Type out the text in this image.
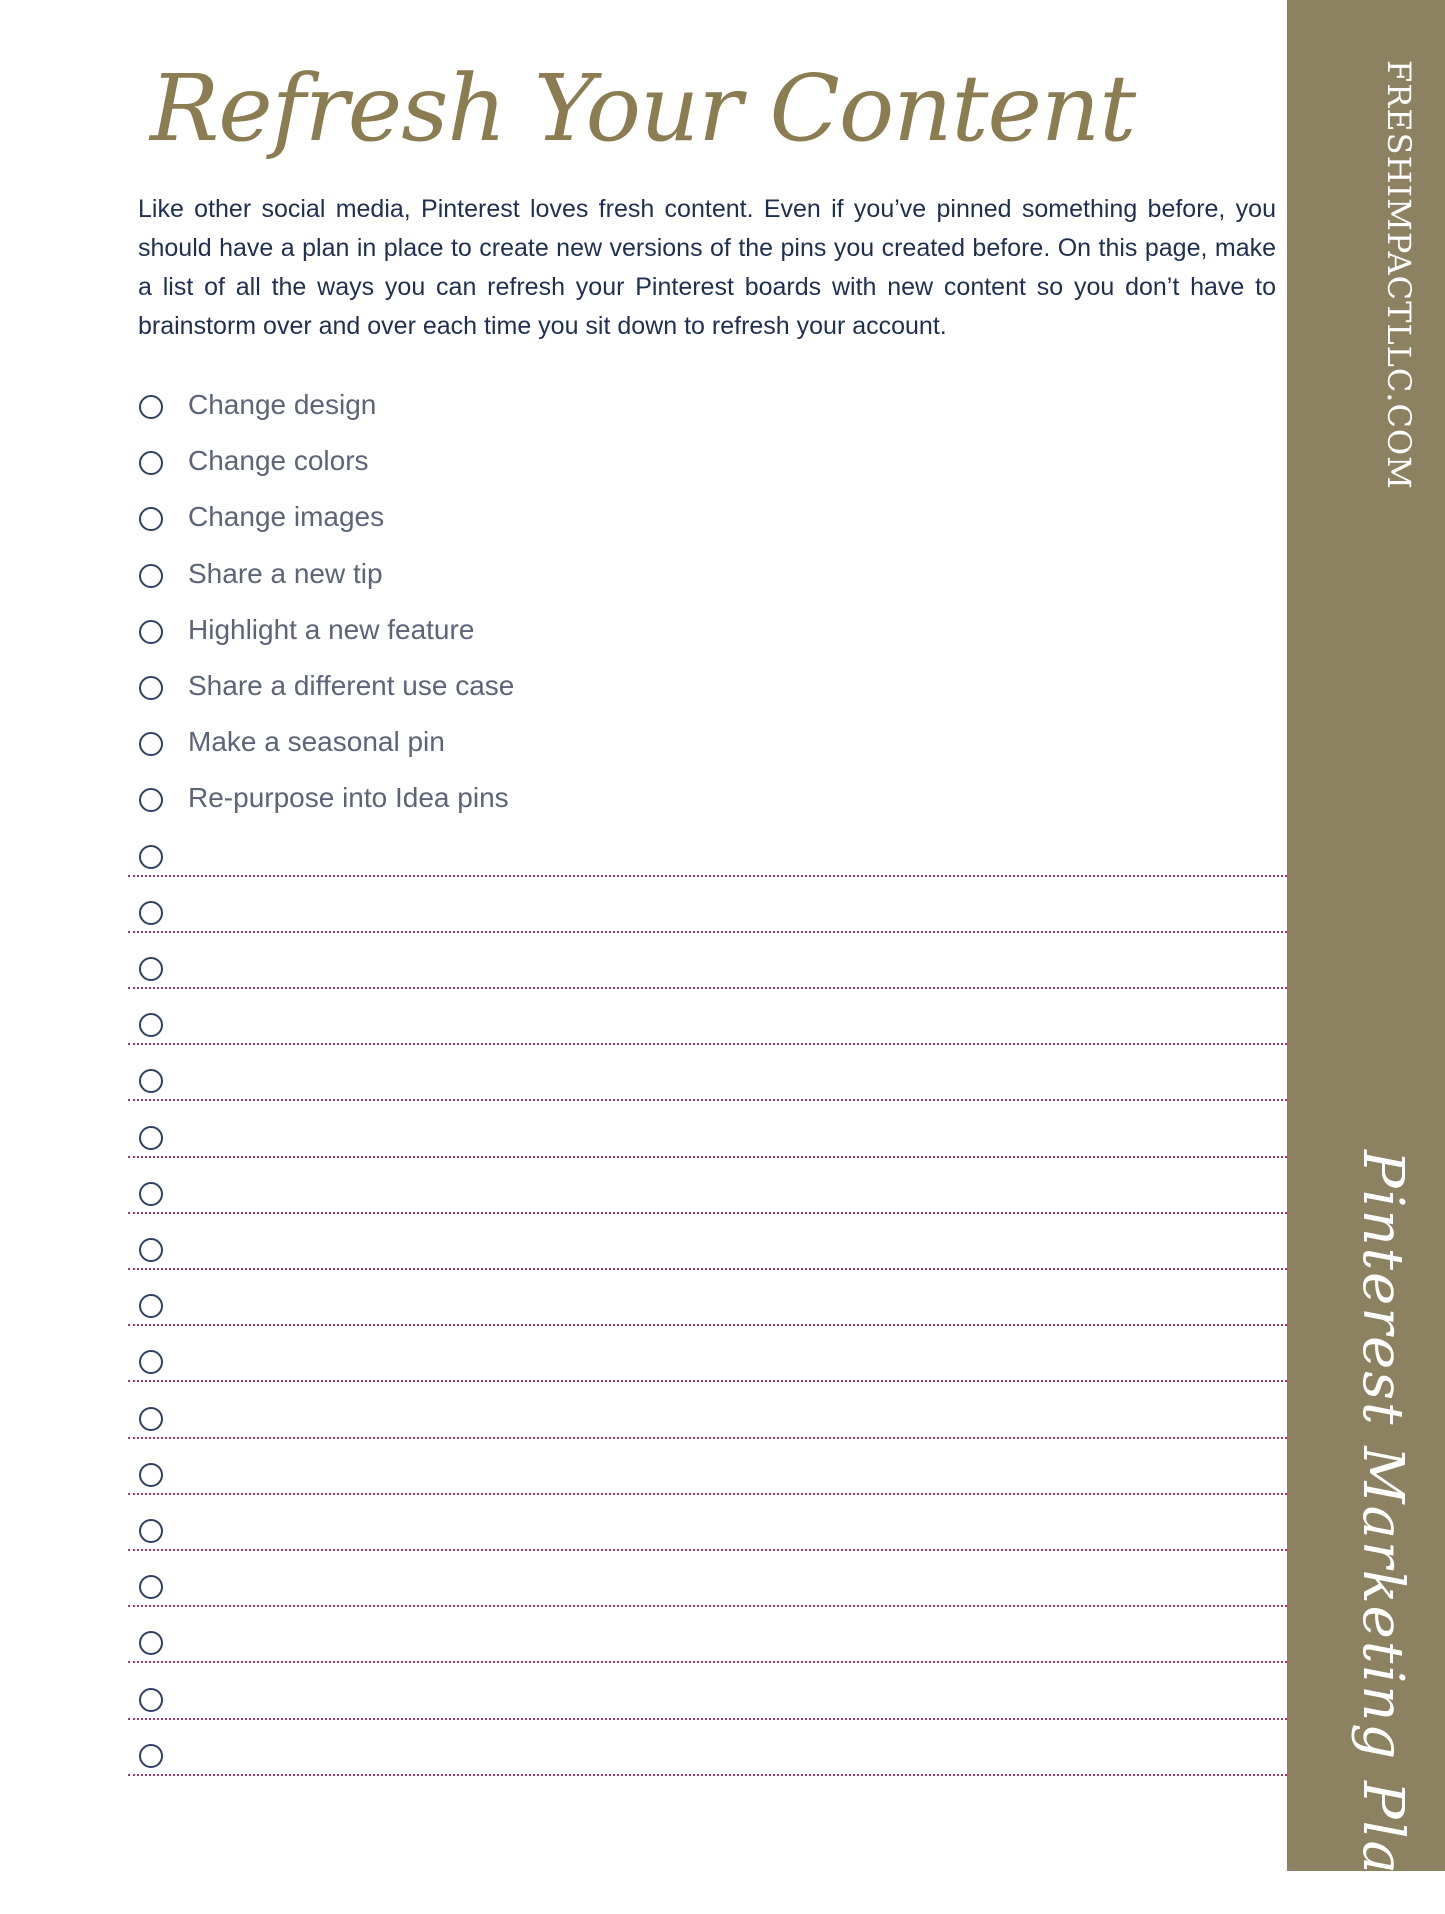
Refresh Your Content
Like other social media, Pinterest loves fresh content. Even if you’ve pinned something before, you should have a plan in place to create new versions of the pins you created before. On this page, make a list of all the ways you can refresh your Pinterest boards with new content so you don’t have to brainstorm over and over each time you sit down to refresh your account.
Change design
Change colors
Change images
Share a new tip
Highlight a new feature
Share a different use case
Make a seasonal pin
Re-purpose into Idea pins
FRESHIMPACTLLC.COM
Pinterest Marketing Plan
